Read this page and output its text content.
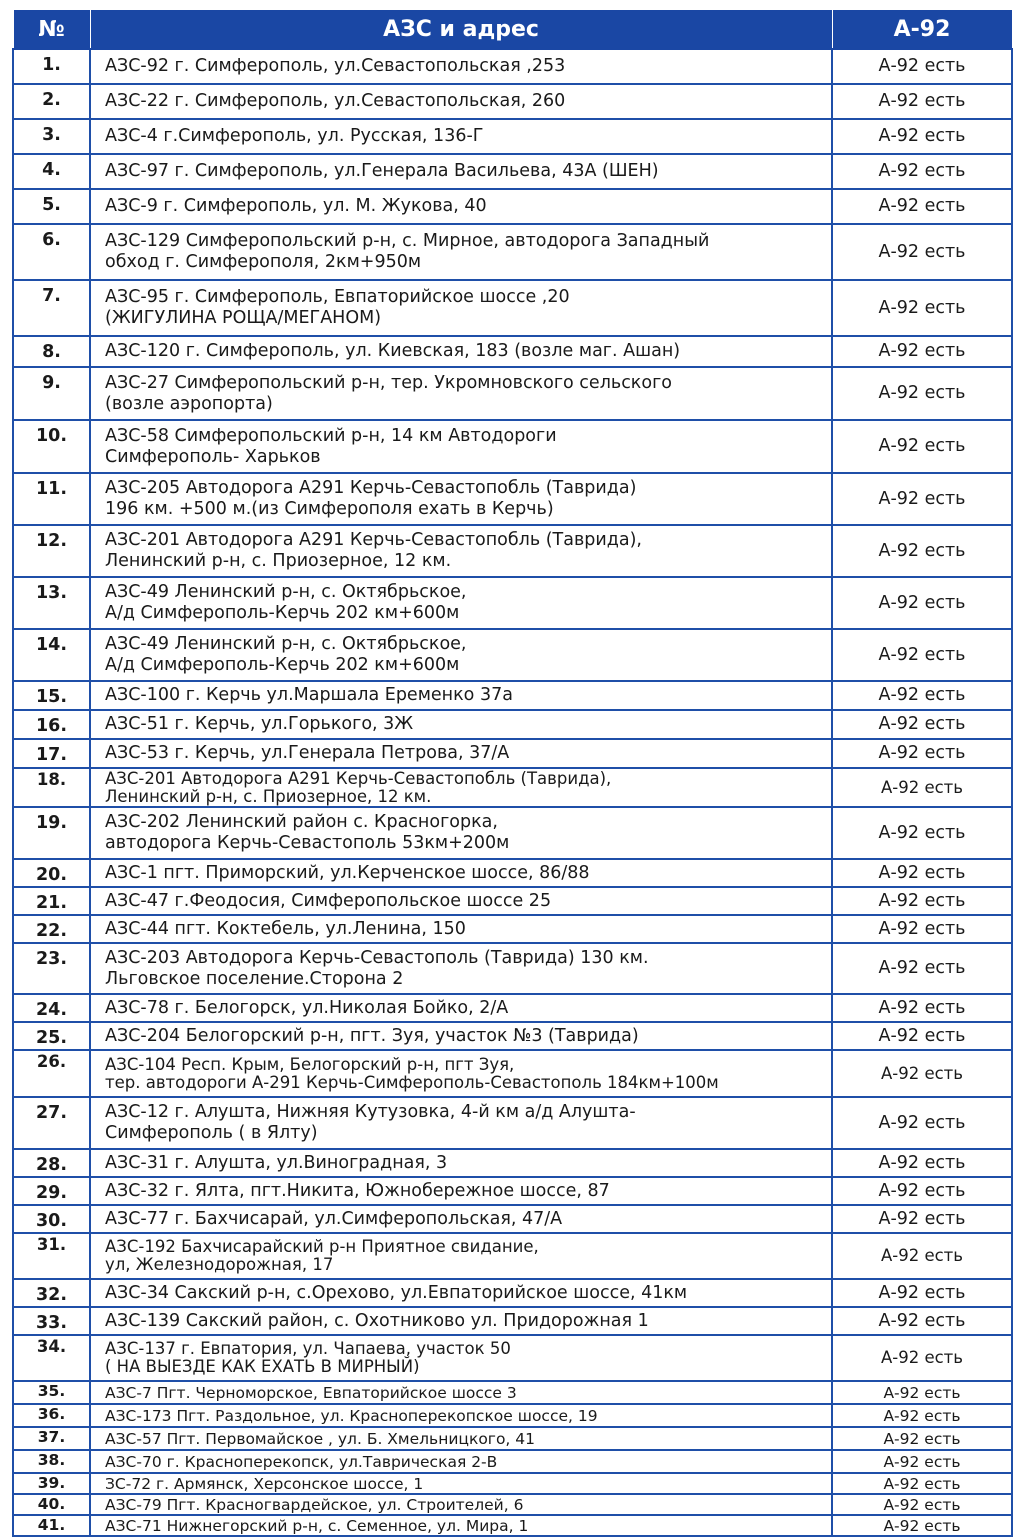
№	АЗС и адрес	А-92

1.	АЗС-92 г. Симферополь, ул.Севастопольская ,253	А-92 есть

2.	АЗС-22 г. Симферополь, ул.Севастопольская, 260	А-92 есть

3.	АЗС-4 г.Симферополь, ул. Русская, 136-Г	А-92 есть

4.	АЗС-97 г. Симферополь, ул.Генерала Васильева, 43А (ШЕН)	А-92 есть

5.	АЗС-9 г. Симферополь, ул. М. Жукова, 40	А-92 есть

6.	АЗС-129 Симферопольский р-н, с. Мирное, автодорога Западный
обход г. Симферополя, 2км+950м	А-92 есть

7.	АЗС-95 г. Симферополь, Евпаторийское шоссе ,20
(ЖИГУЛИНА РОЩА/МЕГАНОМ)	А-92 есть

8.	АЗС-120 г. Симферополь, ул. Киевская, 183 (возле маг. Ашан)	А-92 есть

9.	АЗС-27 Симферопольский р-н, тер. Укромновского сельского
(возле аэропорта)	А-92 есть

10.	АЗС-58 Симферопольский р-н, 14 км Автодороги
Симферополь- Харьков	А-92 есть

11.	АЗС-205 Автодорога А291 Керчь-Севастопобль (Таврида)
196 км. +500 м.(из Симферополя ехать в Керчь)	А-92 есть

12.	АЗС-201 Автодорога А291 Керчь-Севастопобль (Таврида),
Ленинский р-н, с. Приозерное, 12 км.	А-92 есть

13.	АЗС-49 Ленинский р-н, с. Октябрьское,
А/д Симферополь-Керчь 202 км+600м	А-92 есть

14.	АЗС-49 Ленинский р-н, с. Октябрьское,
А/д Симферополь-Керчь 202 км+600м	А-92 есть

15.	АЗС-100 г. Керчь ул.Маршала Еременко 37а	А-92 есть

16.	АЗС-51 г. Керчь, ул.Горького, 3Ж	А-92 есть

17.	АЗС-53 г. Керчь, ул.Генерала Петрова, 37/А	А-92 есть

18.	АЗС-201 Автодорога А291 Керчь-Севастопобль (Таврида),
Ленинский р-н, с. Приозерное, 12 км.	А-92 есть

19.	АЗС-202 Ленинский район с. Красногорка,
автодорога Керчь-Севастополь 53км+200м	А-92 есть

20.	АЗС-1 пгт. Приморский, ул.Керченское шоссе, 86/88	А-92 есть

21.	АЗС-47 г.Феодосия, Симферопольское шоссе 25	А-92 есть

22.	АЗС-44 пгт. Коктебель, ул.Ленина, 150	А-92 есть

23.	АЗС-203 Автодорога Керчь-Севастополь (Таврида) 130 км.
Льговское поселение.Сторона 2	А-92 есть

24.	АЗС-78 г. Белогорск, ул.Николая Бойко, 2/А	А-92 есть

25.	АЗС-204 Белогорский р-н, пгт. Зуя, участок №3 (Таврида)	А-92 есть

26.	АЗС-104 Респ. Крым, Белогорский р-н, пгт Зуя,
тер. автодороги А-291 Керчь-Симферополь-Севастополь 184км+100м	А-92 есть

27.	АЗС-12 г. Алушта, Нижняя Кутузовка, 4-й км а/д Алушта-
Симферополь ( в Ялту)	А-92 есть

28.	АЗС-31 г. Алушта, ул.Виноградная, 3	А-92 есть

29.	АЗС-32 г. Ялта, пгт.Никита, Южнобережное шоссе, 87	А-92 есть

30.	АЗС-77 г. Бахчисарай, ул.Симферопольская, 47/А	А-92 есть

31.	АЗС-192 Бахчисарайский р-н Приятное свидание,
ул, Железнодорожная, 17	А-92 есть

32.	АЗС-34 Сакский р-н, с.Орехово, ул.Евпаторийское шоссе, 41км	А-92 есть

33.	АЗС-139 Сакский район, с. Охотниково ул. Придорожная 1	А-92 есть

34.	АЗС-137 г. Евпатория, ул. Чапаева, участок 50
( НА ВЫЕЗДЕ КАК ЕХАТЬ В МИРНЫЙ)	А-92 есть

35.	АЗС-7 Пгт. Черноморское, Евпаторийское шоссе 3	А-92 есть

36.	АЗС-173 Пгт. Раздольное, ул. Красноперекопское шоссе, 19	А-92 есть

37.	АЗС-57 Пгт. Первомайское , ул. Б. Хмельницкого, 41	А-92 есть

38.	АЗС-70 г. Красноперекопск, ул.Таврическая 2-В	А-92 есть

39.	ЗС-72 г. Армянск, Херсонское шоссе, 1	А-92 есть

40.	АЗС-79 Пгт. Красногвардейское, ул. Строителей, 6	А-92 есть

41.	АЗС-71 Нижнегорский р-н, с. Семенное, ул. Мира, 1	А-92 есть
